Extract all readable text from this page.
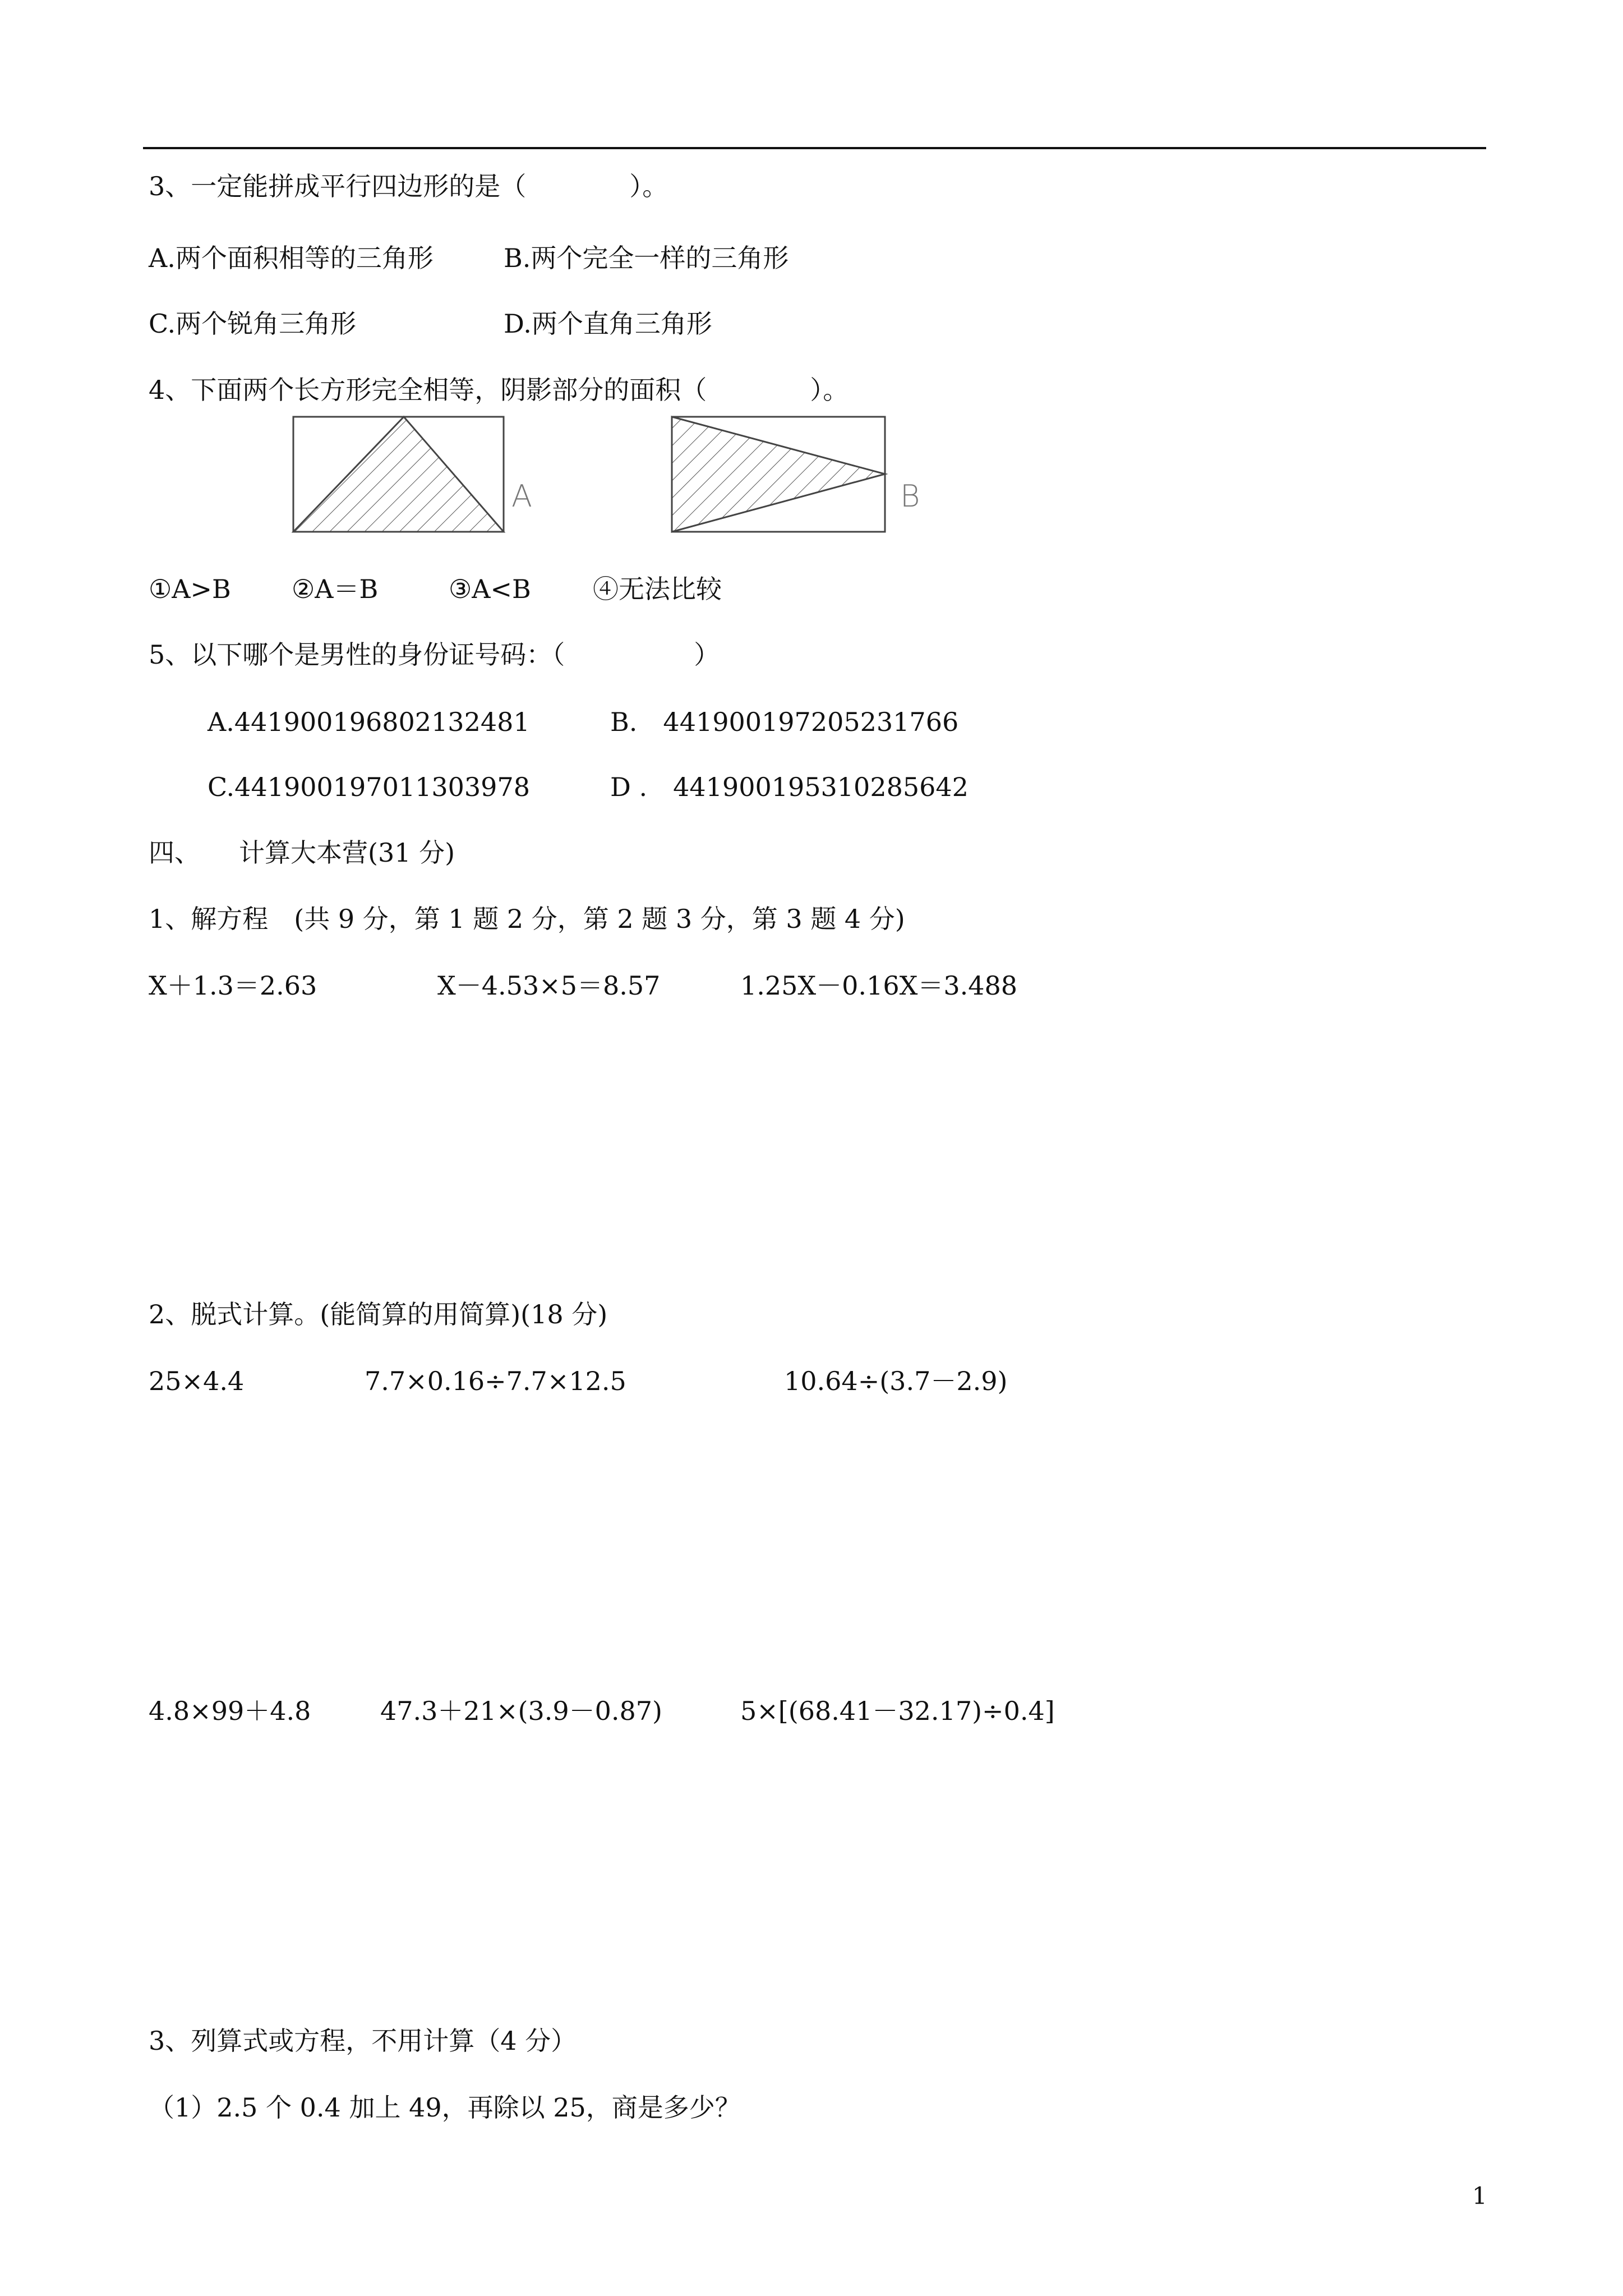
3、一定能拼成平行四边形的是（　　　　）。
A.两个面积相等的三角形	B.两个完全一样的三角形
C.两个锐角三角形	D.两个直角三角形
4、下面两个长方形完全相等，阴影部分的面积（　　　　）。
A	B
①A>B ②A＝B	③A<B ④无法比较
5、以下哪个是男性的身份证号码：（　　　　　）
A.441900196802132481	B.　441900197205231766
C.441900197011303978	D .　441900195310285642
四、　　计算大本营(31 分)
1、解方程　(共 9 分，第 1 题 2 分，第 2 题 3 分，第 3 题 4 分)
X＋1.3＝2.63	X－4.53×5＝8.57	1.25X－0.16X＝3.488
2、脱式计算。(能简算的用简算)(18 分)
25×4.4	7.7×0.16÷7.7×12.5	10.64÷(3.7－2.9)
4.8×99＋4.8	47.3＋21×(3.9－0.87)	5×[(68.41－32.17)÷0.4]
3、列算式或方程，不用计算（4 分）
（1）2.5 个 0.4 加上 49，再除以 25，商是多少？
1
